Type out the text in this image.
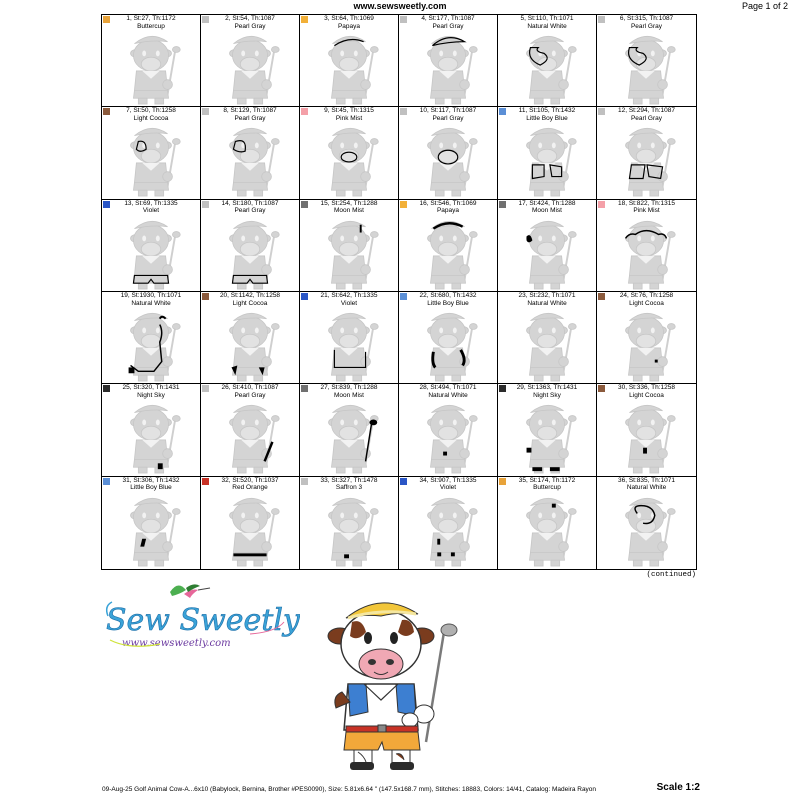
www.sewsweetly.com	Page 1 of 2
1, St:27, Th:1172
Buttercup
2, St:54, Th:1087
Pearl Gray
3, St:64, Th:1069
Papaya
4, St:177, Th:1087
Pearl Gray
5, St:110, Th:1071
Natural White
6, St:315, Th:1087
Pearl Gray
7, St:50, Th:1258
Light Cocoa
8, St:129, Th:1087
Pearl Gray
9, St:45, Th:1315
Pink Mist
10, St:117, Th:1087
Pearl Gray
11, St:105, Th:1432
Little Boy Blue
12, St:294, Th:1087
Pearl Gray
13, St:69, Th:1335
Violet
14, St:180, Th:1087
Pearl Gray
15, St:254, Th:1288
Moon Mist
16, St:546, Th:1069
Papaya
17, St:424, Th:1288
Moon Mist
18, St:822, Th:1315
Pink Mist
19, St:1930, Th:1071
Natural White
20, St:1142, Th:1258
Light Cocoa
21, St:642, Th:1335
Violet
22, St:680, Th:1432
Little Boy Blue
23, St:232, Th:1071
Natural White
24, St:76, Th:1258
Light Cocoa
25, St:320, Th:1431
Night Sky
26, St:410, Th:1087
Pearl Gray
27, St:839, Th:1288
Moon Mist
28, St:494, Th:1071
Natural White
29, St:1363, Th:1431
Night Sky
30, St:336, Th:1258
Light Cocoa
31, St:306, Th:1432
Little Boy Blue
32, St:520, Th:1037
Red Orange
33, St:327, Th:1478
Saffron 3
34, St:907, Th:1335
Violet
35, St:174, Th:1172
Buttercup
36, St:835, Th:1071
Natural White
(continued)
Sew Sweetly
www.sewsweetly.com
09-Aug-25 Golf Animal Cow-A...6x10 (Babylock, Bernina, Brother #PES0090), Size: 5.81x6.64 " (147.5x168.7 mm), Stitches: 18883, Colors: 14/41, Catalog: Madeira Rayon	Scale 1:2
